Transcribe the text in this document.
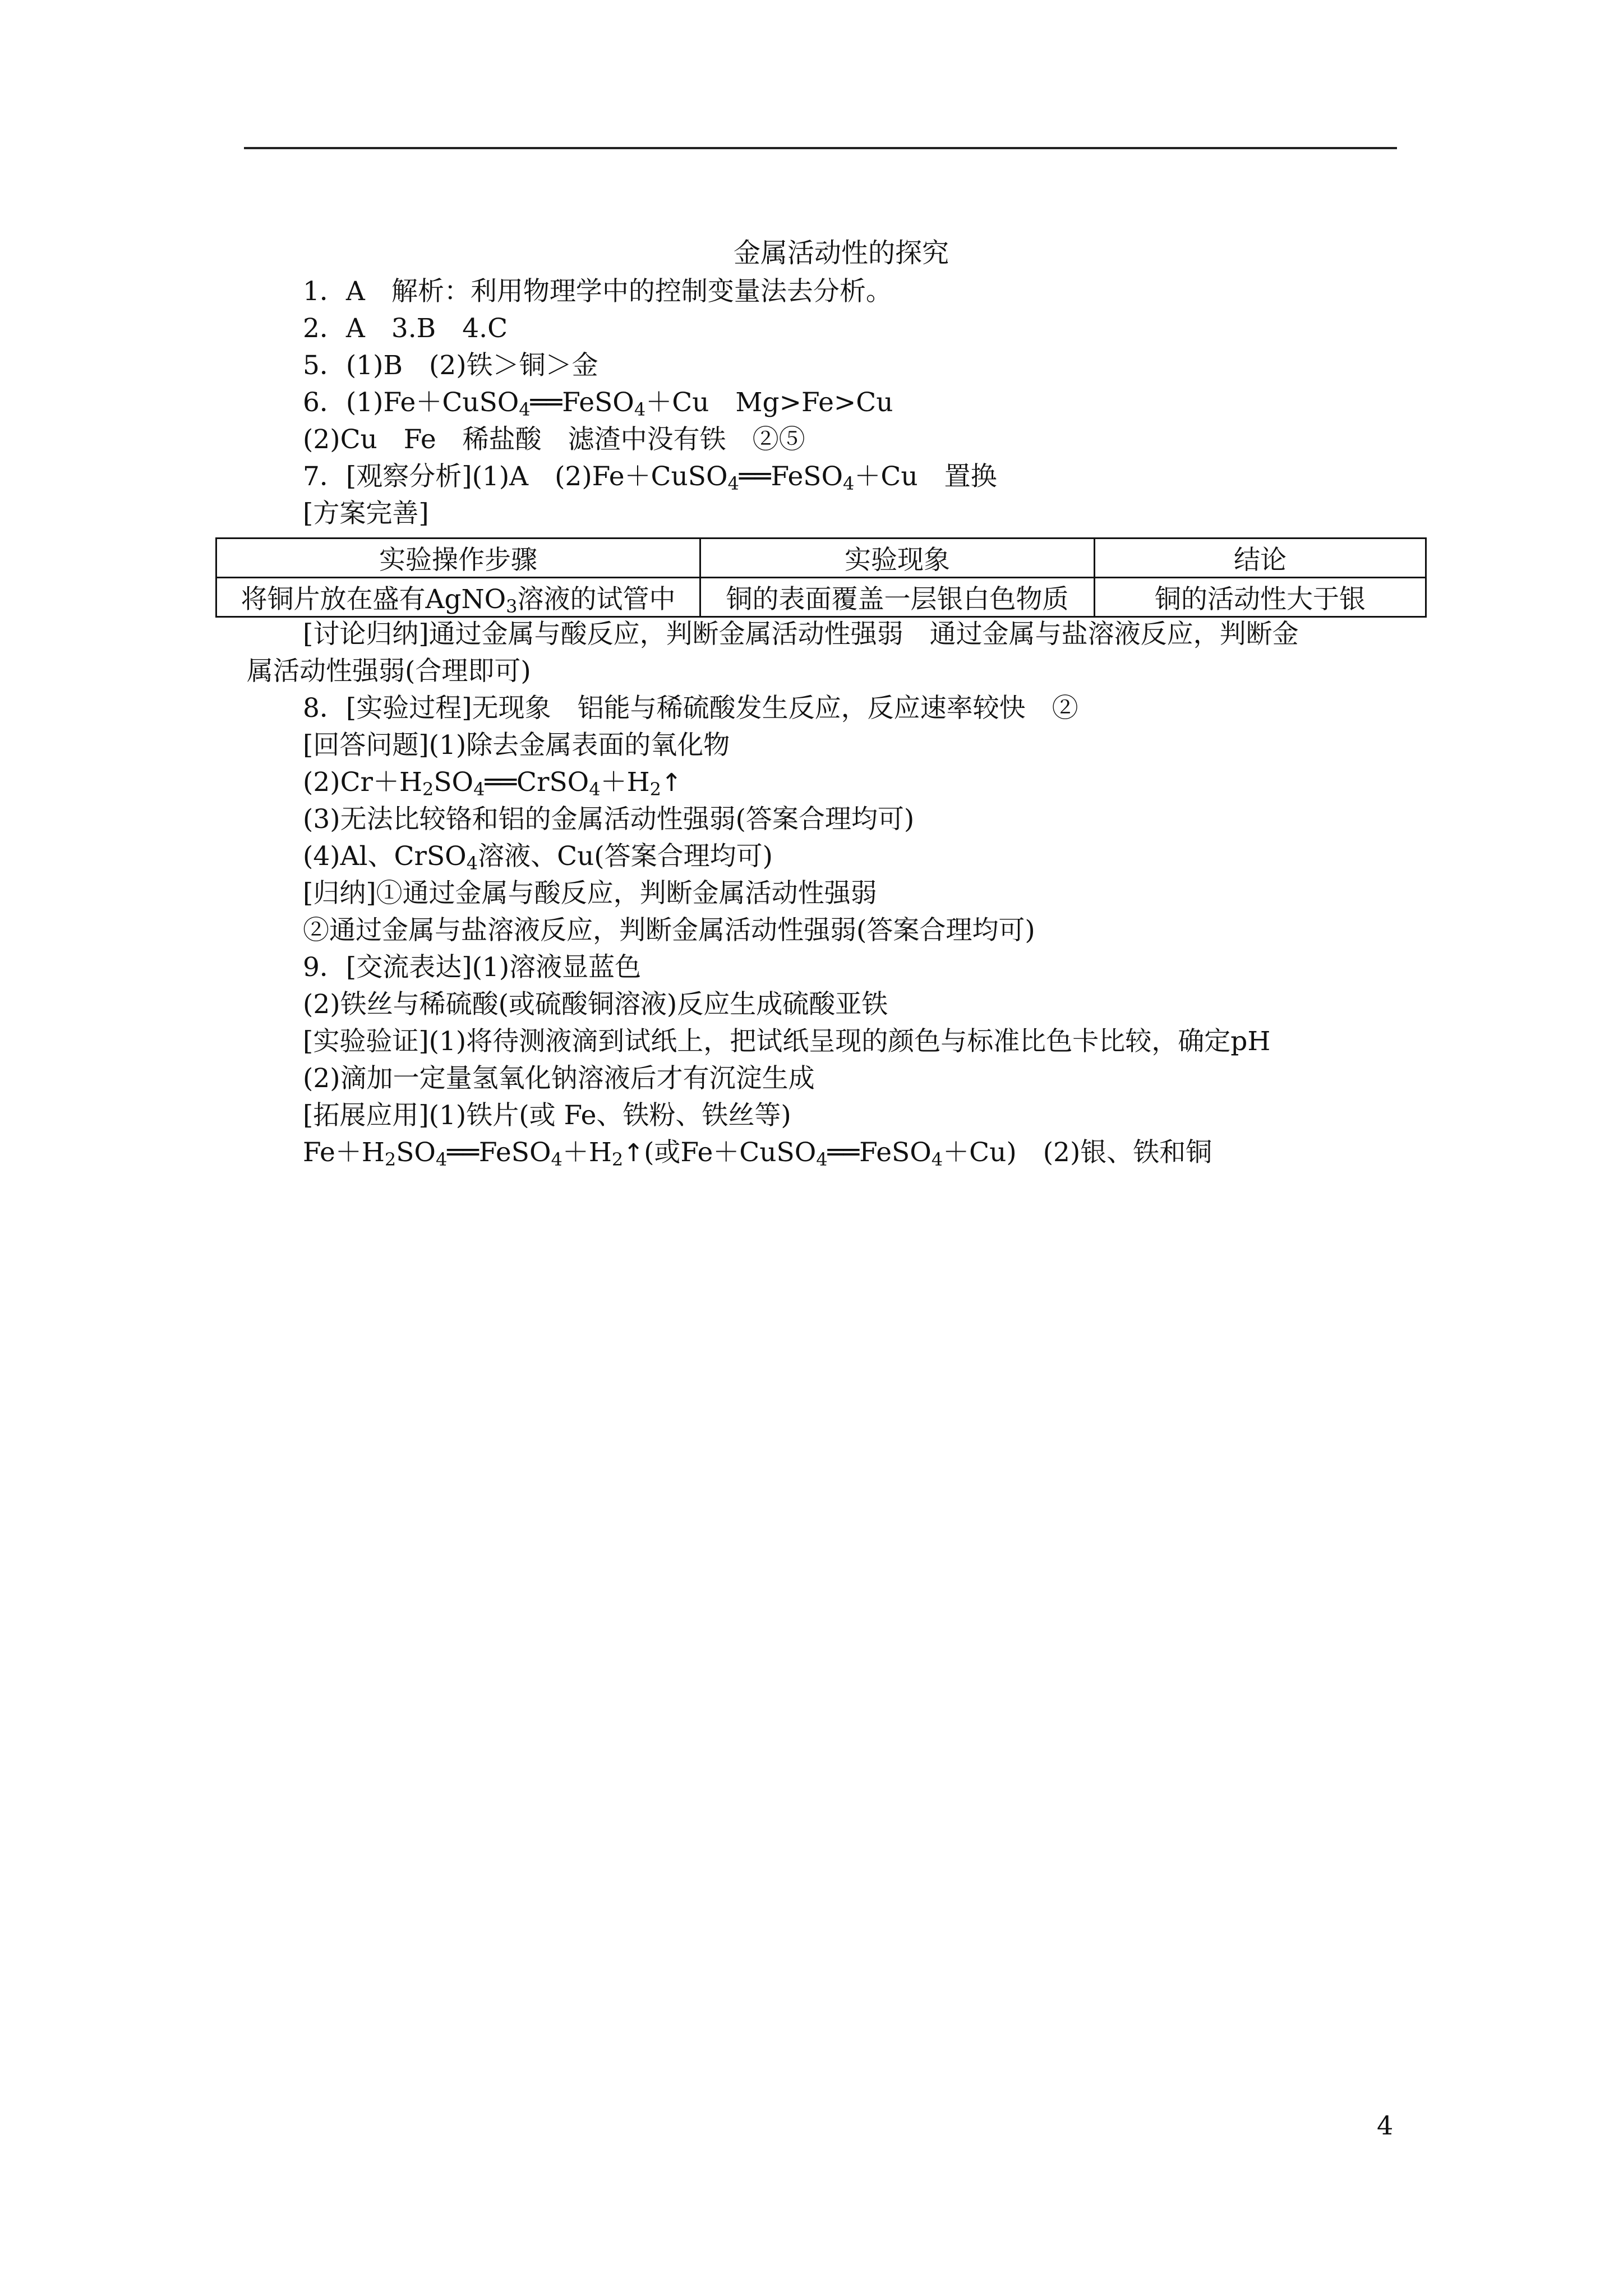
金属活动性的探究
1．A　解析：利用物理学中的控制变量法去分析。
2．A　3.B　4.C
5．(1)B　(2)铁＞铜＞金
6．(1)Fe＋CuSO$_4$══FeSO$_4$＋Cu　Mg>Fe>Cu
(2)Cu　Fe　稀盐酸　滤渣中没有铁　②⑤
7．[观察分析](1)A　(2)Fe＋CuSO$_4$══FeSO$_4$＋Cu　置换
[方案完善]
实验操作步骤	实验现象	结论
将铜片放在盛有AgNO$_3$溶液的试管中	铜的表面覆盖一层银白色物质	铜的活动性大于银
[讨论归纳]通过金属与酸反应，判断金属活动性强弱　通过金属与盐溶液反应，判断金
属活动性强弱(合理即可)
8．[实验过程]无现象　铝能与稀硫酸发生反应，反应速率较快　②
[回答问题](1)除去金属表面的氧化物
$(2)Cr+H_2SO_4══CrSO_4+H_2↑$
(3)无法比较铬和铝的金属活动性强弱(答案合理均可)
(4)Al、CrSO$_4$溶液、Cu(答案合理均可)
[归纳]①通过金属与酸反应，判断金属活动性强弱
②通过金属与盐溶液反应，判断金属活动性强弱(答案合理均可)
9．[交流表达](1)溶液显蓝色
(2)铁丝与稀硫酸(或硫酸铜溶液)反应生成硫酸亚铁
[实验验证](1)将待测液滴到试纸上，把试纸呈现的颜色与标准比色卡比较，确定pH
(2)滴加一定量氢氧化钠溶液后才有沉淀生成
[拓展应用](1)铁片(或 Fe、铁粉、铁丝等)
$Fe+H_2SO_4══FeSO_4+H_2↑$(或Fe＋CuSO$_4$══FeSO$_4$＋Cu)　(2)银、铁和铜
4
